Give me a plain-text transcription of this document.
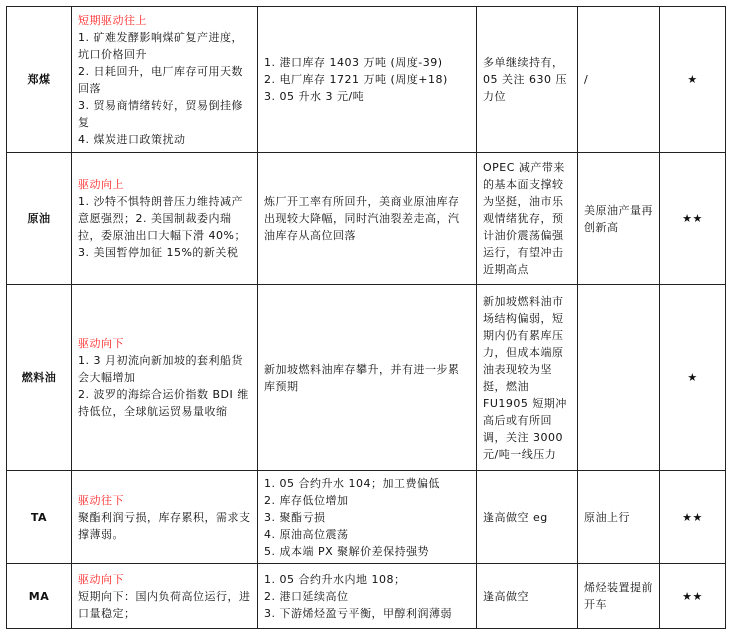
郑煤	短期驱动往上
1. 矿难发酵影响煤矿复产进度，坑口价格回升
2. 日耗回升，电厂库存可用天数回落
3. 贸易商情绪转好，贸易倒挂修复
4. 煤炭进口政策扰动	1. 港口库存 1403 万吨 (周度-39)
2. 电厂库存 1721 万吨 (周度+18)
3. 05 升水 3 元/吨	多单继续持有，05 关注 630 压力位	/	★
原油	驱动向上
1. 沙特不惧特朗普压力维持减产意愿强烈；2. 美国制裁委内瑞拉，委原油出口大幅下滑 40%；
3. 美国暂停加征 15%的新关税	炼厂开工率有所回升，美商业原油库存出现较大降幅，同时汽油裂差走高，汽油库存从高位回落	OPEC 减产带来的基本面支撑较为坚挺，油市乐观情绪犹存，预计油价震荡偏强运行，有望冲击近期高点	美原油产量再创新高	★★
燃料油	驱动向下
1. 3 月初流向新加坡的套利船货会大幅增加
2. 波罗的海综合运价指数 BDI 维持低位，全球航运贸易量收缩	新加坡燃料油库存攀升，并有进一步累库预期	新加坡燃料油市场结构偏弱，短期内仍有累库压力，但成本端原油表现较为坚挺，燃油 FU1905 短期冲高后或有所回调，关注 3000 元/吨一线压力		★
TA	驱动往下
聚酯利润亏损，库存累积，需求支撑薄弱。	1. 05 合约升水 104；加工费偏低
2. 库存低位增加
3. 聚酯亏损
4. 原油高位震荡
5. 成本端 PX 聚解价差保持强势	逢高做空 eg	原油上行	★★
MA	驱动向下
短期向下：国内负荷高位运行，进口量稳定；	1. 05 合约升水内地 108；
2. 港口延续高位
3. 下游烯烃盈亏平衡，甲醇利润薄弱	逢高做空	烯烃装置提前开车	★★
